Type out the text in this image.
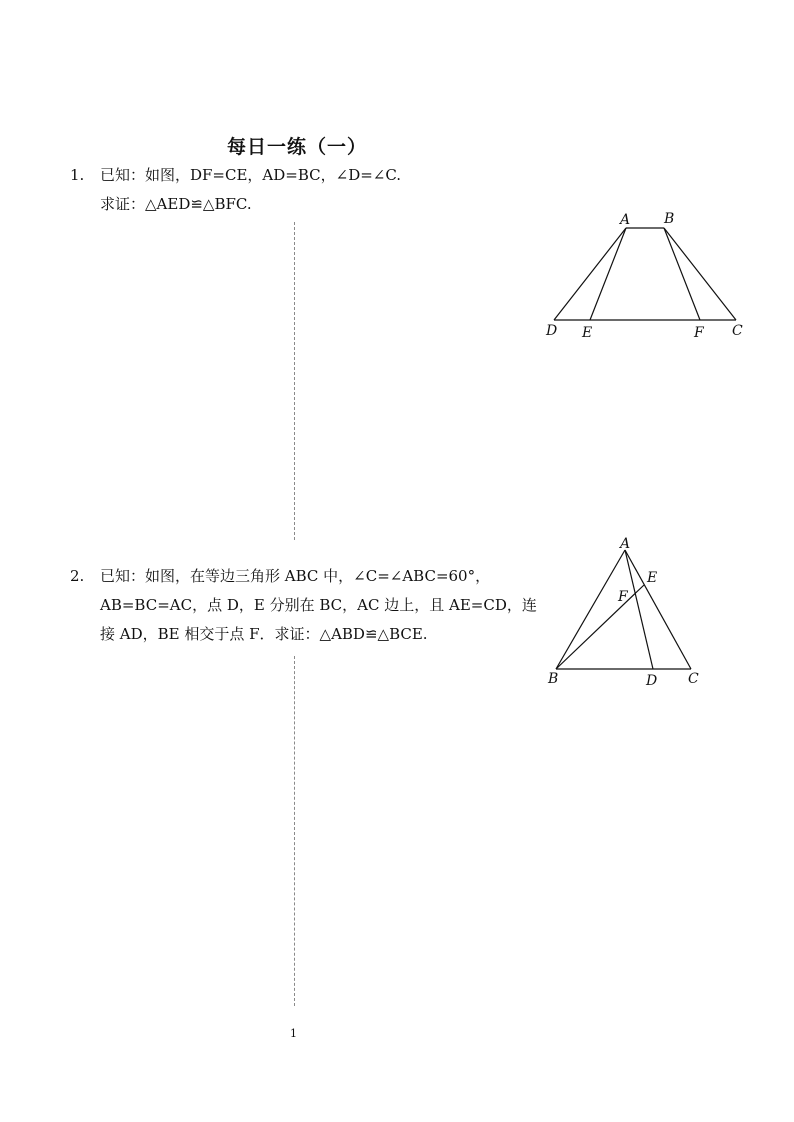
每日一练（一）
1. 已知：如图，DF=CE，AD=BC，∠D=∠C.
求证：△AED≌△BFC.
A B
D E	F C
2. 已知：如图，在等边三角形 ABC 中，∠C=∠ABC=60°，
AB=BC=AC，点 D，E 分别在 BC，AC 边上，且 AE=CD，连
接 AD，BE 相交于点 F．求证：△ABD≌△BCE.
A
B	C
D
E
F
1
